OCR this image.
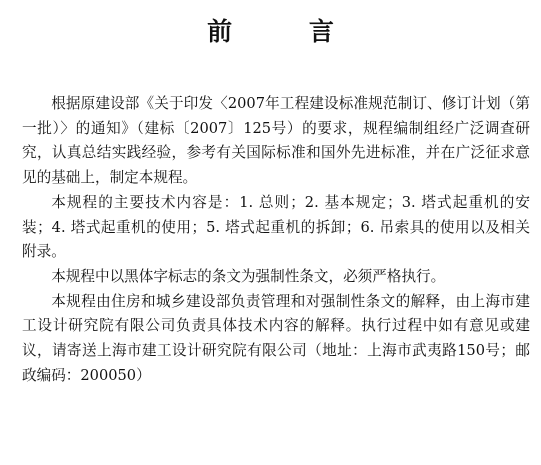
前 言

根据原建设部《关于印发〈2007年工程建设标准规范制订、修订计划（第一批）〉的通知》（建标〔2007〕125号）的要求，规程编制组经广泛调查研究，认真总结实践经验，参考有关国际标准和国外先进标准，并在广泛征求意见的基础上，制定本规程。

本规程的主要技术内容是：1. 总则；2. 基本规定；3. 塔式起重机的安装；4. 塔式起重机的使用；5. 塔式起重机的拆卸；6. 吊索具的使用以及相关附录。

本规程中以黑体字标志的条文为强制性条文，必须严格执行。

本规程由住房和城乡建设部负责管理和对强制性条文的解释，由上海市建工设计研究院有限公司负责具体技术内容的解释。执行过程中如有意见或建议，请寄送上海市建工设计研究院有限公司（地址：上海市武夷路150号；邮政编码：200050）
